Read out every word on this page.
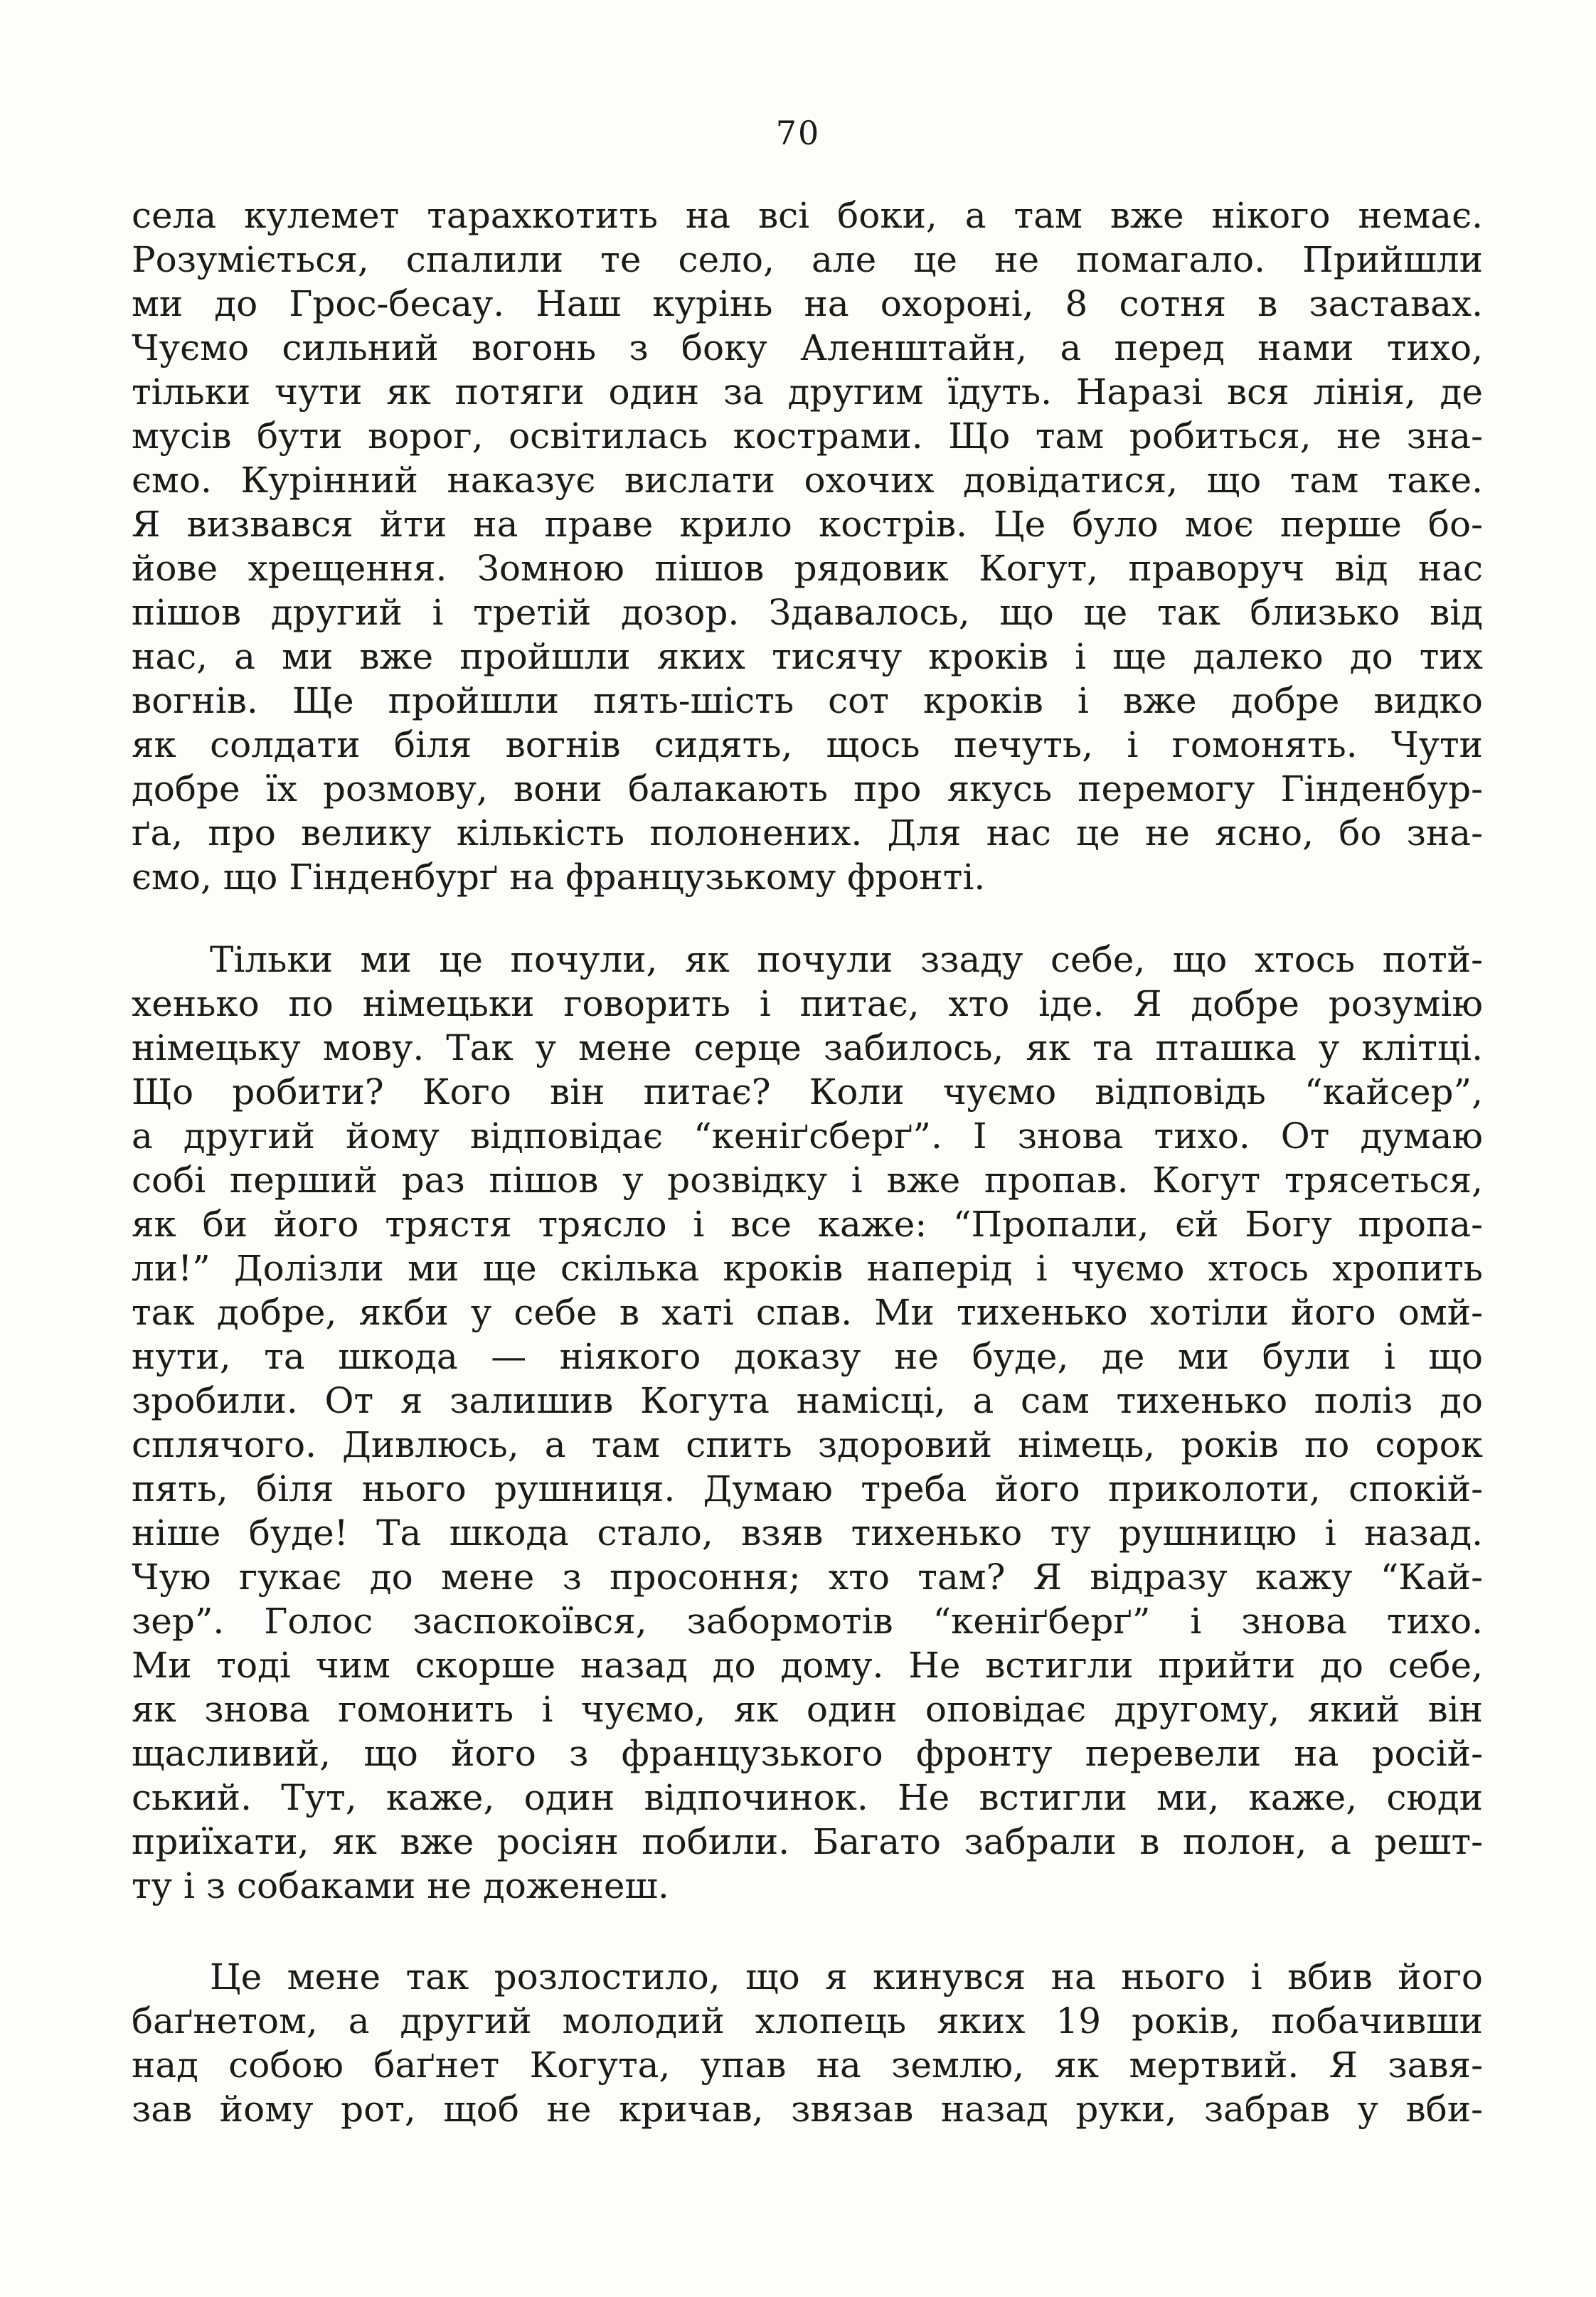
70
села кулемет тарахкотить на всі боки, а там вже нікого немає.
Розуміється, спалили те село, але це не помагало. Прийшли
ми до Грос-бесау. Наш курінь на охороні, 8 сотня в заставах.
Чуємо сильний вогонь з боку Аленштайн, а перед нами тихо,
тільки чути як потяги один за другим їдуть. Наразі вся лінія, де
мусів бути ворог, освітилась кострами. Що там робиться, не зна-
ємо. Курінний наказує вислати охочих довідатися, що там таке.
Я визвався йти на праве крило кострів. Це було моє перше бо-
йове хрещення. Зомною пішов рядовик Когут, праворуч від нас
пішов другий і третій дозор. Здавалось, що це так близько від
нас, а ми вже пройшли яких тисячу кроків і ще далеко до тих
вогнів. Ще пройшли пять-шість сот кроків і вже добре видко
як солдати біля вогнів сидять, щось печуть, і гомонять. Чути
добре їх розмову, вони балакають про якусь перемогу Гінденбур-
ґа, про велику кількість полонених. Для нас це не ясно, бо зна-
ємо, що Гінденбурґ на французькому фронті.
Тільки ми це почули, як почули ззаду себе, що хтось потй-
хенько по німецьки говорить і питає, хто іде. Я добре розумію
німецьку мову. Так у мене серце забилось, як та пташка у клітці.
Що робити? Кого він питає? Коли чуємо відповідь “кайсер”,
а другий йому відповідає “кеніґсберґ”. І знова тихо. От думаю
собі перший раз пішов у розвідку і вже пропав. Когут трясеться,
як би його трястя трясло і все каже: “Пропали, єй Богу пропа-
ли!” Долізли ми ще скілька кроків наперід і чуємо хтось хропить
так добре, якби у себе в хаті спав. Ми тихенько хотіли його омй-
нути, та шкода — ніякого доказу не буде, де ми були і що
зробили. От я залишив Когута намісці, а сам тихенько поліз до
сплячого. Дивлюсь, а там спить здоровий німець, років по сорок
пять, біля нього рушниця. Думаю треба його приколоти, спокій-
ніше буде! Та шкода стало, взяв тихенько ту рушницю і назад.
Чую гукає до мене з просоння; хто там? Я відразу кажу “Кай-
зер”. Голос заспокоївся, забормотів “кеніґберґ” і знова тихо.
Ми тоді чим скорше назад до дому. Не встигли прийти до себе,
як знова гомонить і чуємо, як один оповідає другому, який він
щасливий, що його з французького фронту перевели на росій-
ський. Тут, каже, один відпочинок. Не встигли ми, каже, сюди
приїхати, як вже росіян побили. Багато забрали в полон, а решт-
ту і з собаками не доженеш.
Це мене так розлостило, що я кинувся на нього і вбив його
баґнетом, а другий молодий хлопець яких 19 років, побачивши
над собою баґнет Когута, упав на землю, як мертвий. Я завя-
зав йому рот, щоб не кричав, звязав назад руки, забрав у вби-
